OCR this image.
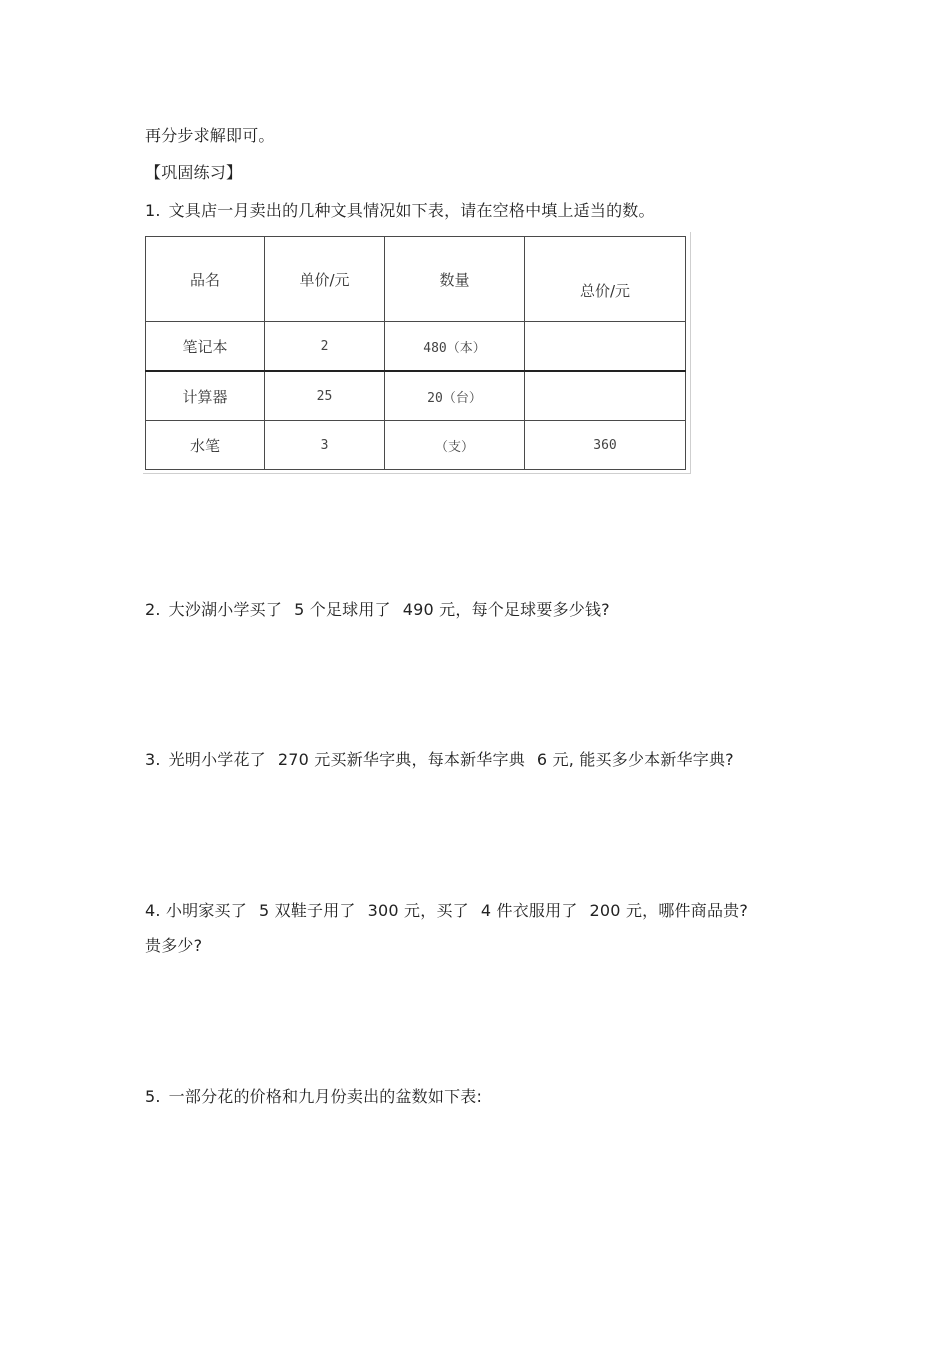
再分步求解即可。
【巩固练习】
1. 文具店一月卖出的几种文具情况如下表，请在空格中填上适当的数。
品名	单价/元	数量	总价/元
笔记本	2	480（本）	
计算器	25	20（台）	
水笔	3	（支）	360
2. 大沙湖小学买了 5 个足球用了 490 元，每个足球要多少钱?
3. 光明小学花了 270 元买新华字典，每本新华字典 6 元, 能买多少本新华字典?
4. 小明家买了 5 双鞋子用了 300 元，买了 4 件衣服用了 200 元，哪件商品贵?
贵多少?
5. 一部分花的价格和九月份卖出的盆数如下表:
